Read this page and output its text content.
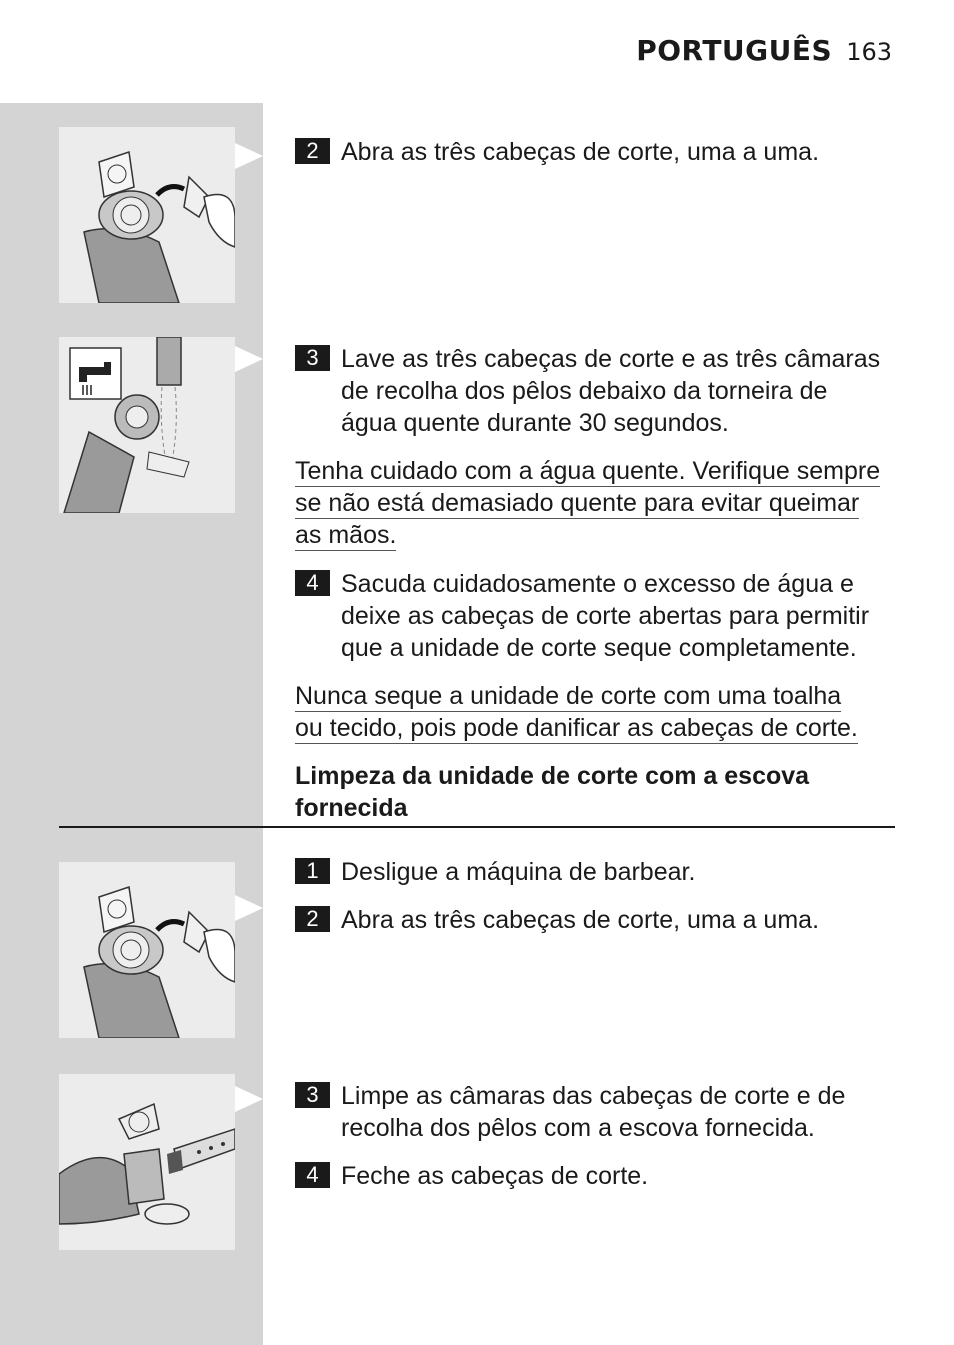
PORTUGUÊS 163
2 Abra as três cabeças de corte, uma a uma.
3 Lave as três cabeças de corte e as três câmaras
de recolha dos pêlos debaixo da torneira de
água quente durante 30 segundos.
Tenha cuidado com a água quente. Verifique sempre
se não está demasiado quente para evitar queimar
as mãos.
4 Sacuda cuidadosamente o excesso de água e
deixe as cabeças de corte abertas para permitir
que a unidade de corte seque completamente.
Nunca seque a unidade de corte com uma toalha
ou tecido, pois pode danificar as cabeças de corte.
Limpeza da unidade de corte com a escova
fornecida
1 Desligue a máquina de barbear.
2 Abra as três cabeças de corte, uma a uma.
3 Limpe as câmaras das cabeças de corte e de
recolha dos pêlos com a escova fornecida.
4 Feche as cabeças de corte.
